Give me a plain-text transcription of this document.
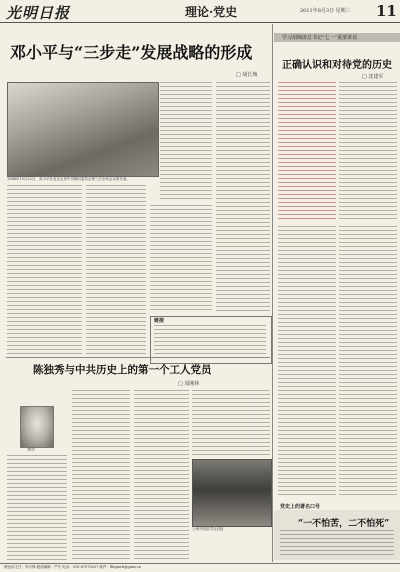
光明日报	理论·党史	2011年8月3日 星期三 11
邓小平与“三步走”发展战略的形成
□ 胡长城
1984年10月22日，邓小平在北京会见中央顾问委员会第三次全体会议的代表。
链接
学习胡锦涛总书记“七一”重要讲话
正确认识和对待党的历史
□ 沈建军
陈独秀与中共历史上的第一个工人党员
□ 周刚林
李中
上海外国语学社旧址
党史上的著名口号
“一不怕苦，二不怕死”
理论部主任：李宗锋 版面编辑：严冬 电话：010-67078257 邮件：llbgmrb@gmw.cn
